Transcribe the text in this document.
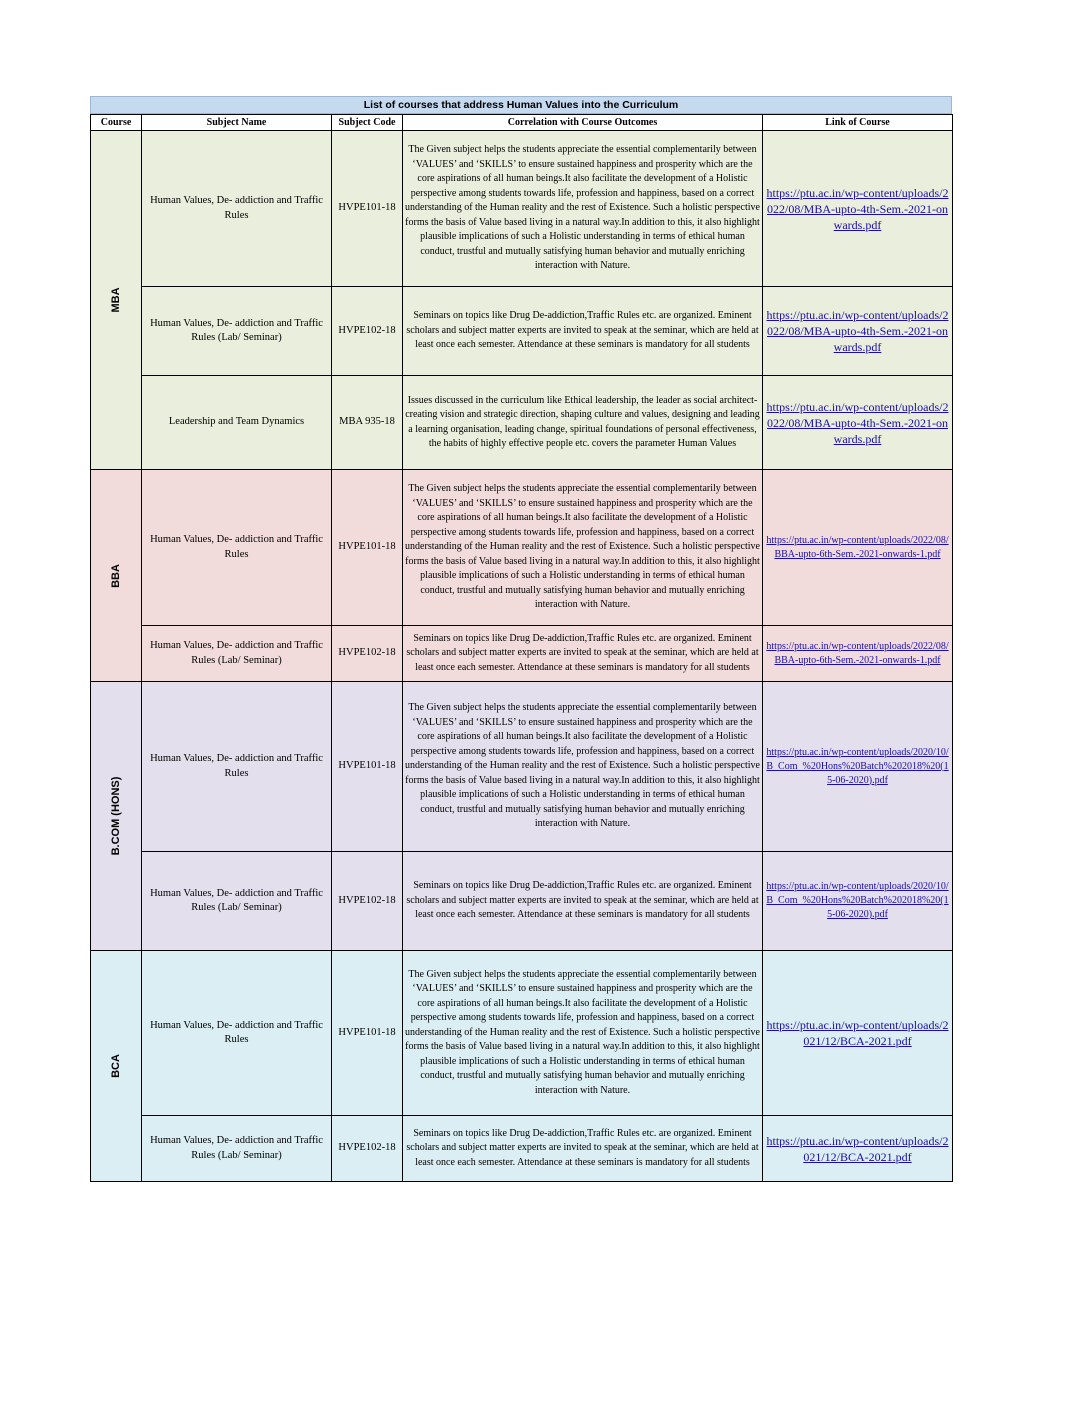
List of courses that address Human Values into the Curriculum
Course	Subject Name	Subject Code	Correlation with Course Outcomes	Link of Course

MBA	Human Values, De- addiction and Traffic Rules	HVPE101-18	The Given subject helps the students appreciate the essential complementarily between ‘VALUES’ and ‘SKILLS’ to ensure sustained happiness and prosperity which are the core aspirations of all human beings.It also facilitate the development of a Holistic perspective among students towards life, profession and happiness, based on a correct understanding of the Human reality and the rest of Existence. Such a holistic perspective forms the basis of Value based living in a natural way.In addition to this, it also highlight plausible implications of such a Holistic understanding in terms of ethical human conduct, trustful and mutually satisfying human behavior and mutually enriching interaction with Nature.	https://ptu.ac.in/wp-content/uploads/2022/08/MBA-upto-4th-Sem.-2021-onwards.pdf
	Human Values, De- addiction and Traffic Rules (Lab/ Seminar)	HVPE102-18	Seminars on topics like Drug De-addiction,Traffic Rules etc. are organized. Eminent scholars and subject matter experts are invited to speak at the seminar, which are held at least once each semester. Attendance at these seminars is mandatory for all students	https://ptu.ac.in/wp-content/uploads/2022/08/MBA-upto-4th-Sem.-2021-onwards.pdf
	Leadership and Team Dynamics	MBA 935-18	Issues discussed in the curriculum like Ethical leadership, the leader as social architect-creating vision and strategic direction, shaping culture and values, designing and leading a learning organisation, leading change, spiritual foundations of personal effectiveness, the habits of highly effective people etc. covers the parameter Human Values	https://ptu.ac.in/wp-content/uploads/2022/08/MBA-upto-4th-Sem.-2021-onwards.pdf

BBA	Human Values, De- addiction and Traffic Rules	HVPE101-18	The Given subject helps the students appreciate the essential complementarily between ‘VALUES’ and ‘SKILLS’ to ensure sustained happiness and prosperity which are the core aspirations of all human beings.It also facilitate the development of a Holistic perspective among students towards life, profession and happiness, based on a correct understanding of the Human reality and the rest of Existence. Such a holistic perspective forms the basis of Value based living in a natural way.In addition to this, it also highlight plausible implications of such a Holistic understanding in terms of ethical human conduct, trustful and mutually satisfying human behavior and mutually enriching interaction with Nature.	https://ptu.ac.in/wp-content/uploads/2022/08/BBA-upto-6th-Sem.-2021-onwards-1.pdf
	Human Values, De- addiction and Traffic Rules (Lab/ Seminar)	HVPE102-18	Seminars on topics like Drug De-addiction,Traffic Rules etc. are organized. Eminent scholars and subject matter experts are invited to speak at the seminar, which are held at least once each semester. Attendance at these seminars is mandatory for all students	https://ptu.ac.in/wp-content/uploads/2022/08/BBA-upto-6th-Sem.-2021-onwards-1.pdf

B.COM (HONS)	Human Values, De- addiction and Traffic Rules	HVPE101-18	The Given subject helps the students appreciate the essential complementarily between ‘VALUES’ and ‘SKILLS’ to ensure sustained happiness and prosperity which are the core aspirations of all human beings.It also facilitate the development of a Holistic perspective among students towards life, profession and happiness, based on a correct understanding of the Human reality and the rest of Existence. Such a holistic perspective forms the basis of Value based living in a natural way.In addition to this, it also highlight plausible implications of such a Holistic understanding in terms of ethical human conduct, trustful and mutually satisfying human behavior and mutually enriching interaction with Nature.	https://ptu.ac.in/wp-content/uploads/2020/10/B_Com_%20Hons%20Batch%202018%20(15-06-2020).pdf
	Human Values, De- addiction and Traffic Rules (Lab/ Seminar)	HVPE102-18	Seminars on topics like Drug De-addiction,Traffic Rules etc. are organized. Eminent scholars and subject matter experts are invited to speak at the seminar, which are held at least once each semester. Attendance at these seminars is mandatory for all students	https://ptu.ac.in/wp-content/uploads/2020/10/B_Com_%20Hons%20Batch%202018%20(15-06-2020).pdf

BCA	Human Values, De- addiction and Traffic Rules	HVPE101-18	The Given subject helps the students appreciate the essential complementarily between ‘VALUES’ and ‘SKILLS’ to ensure sustained happiness and prosperity which are the core aspirations of all human beings.It also facilitate the development of a Holistic perspective among students towards life, profession and happiness, based on a correct understanding of the Human reality and the rest of Existence. Such a holistic perspective forms the basis of Value based living in a natural way.In addition to this, it also highlight plausible implications of such a Holistic understanding in terms of ethical human conduct, trustful and mutually satisfying human behavior and mutually enriching interaction with Nature.	https://ptu.ac.in/wp-content/uploads/2021/12/BCA-2021.pdf
	Human Values, De- addiction and Traffic Rules (Lab/ Seminar)	HVPE102-18	Seminars on topics like Drug De-addiction,Traffic Rules etc. are organized. Eminent scholars and subject matter experts are invited to speak at the seminar, which are held at least once each semester. Attendance at these seminars is mandatory for all students	https://ptu.ac.in/wp-content/uploads/2021/12/BCA-2021.pdf
